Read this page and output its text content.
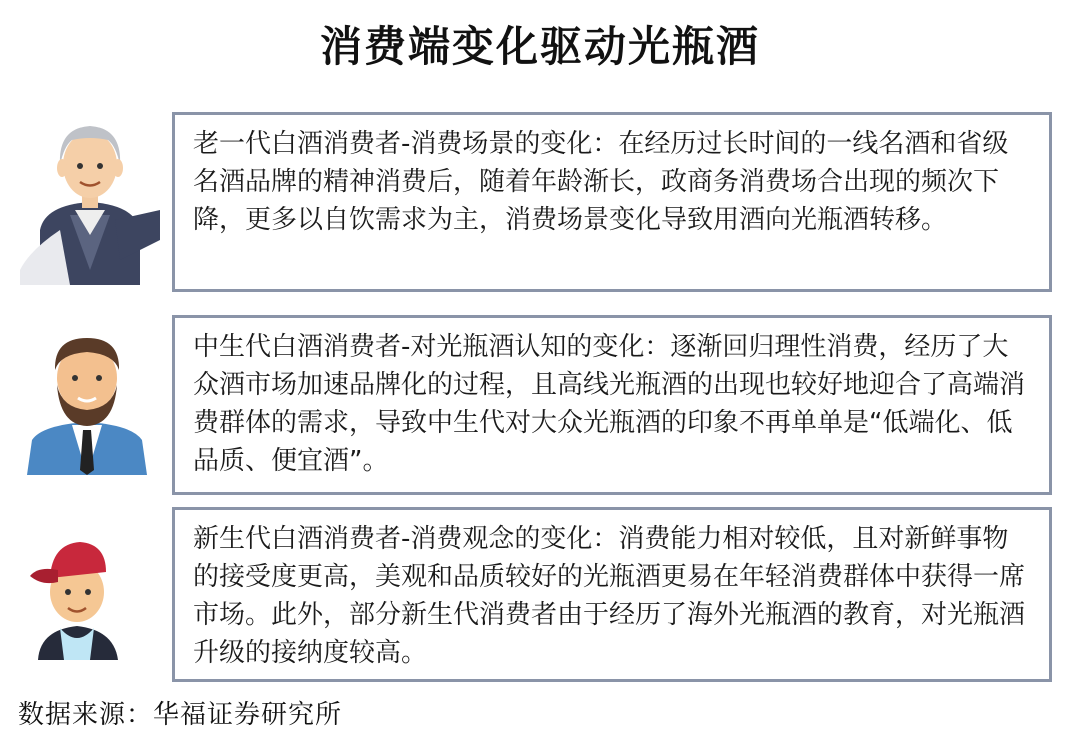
消费端变化驱动光瓶酒
老一代白酒消费者-消费场景的变化：在经历过长时间的一线名酒和省级名酒品牌的精神消费后，随着年龄渐长，政商务消费场合出现的频次下降，更多以自饮需求为主，消费场景变化导致用酒向光瓶酒转移。
中生代白酒消费者-对光瓶酒认知的变化：逐渐回归理性消费，经历了大众酒市场加速品牌化的过程，且高线光瓶酒的出现也较好地迎合了高端消费群体的需求，导致中生代对大众光瓶酒的印象不再单单是“低端化、低品质、便宜酒”。
新生代白酒消费者-消费观念的变化：消费能力相对较低，且对新鲜事物的接受度更高，美观和品质较好的光瓶酒更易在年轻消费群体中获得一席市场。此外，部分新生代消费者由于经历了海外光瓶酒的教育，对光瓶酒升级的接纳度较高。
数据来源：华福证券研究所
